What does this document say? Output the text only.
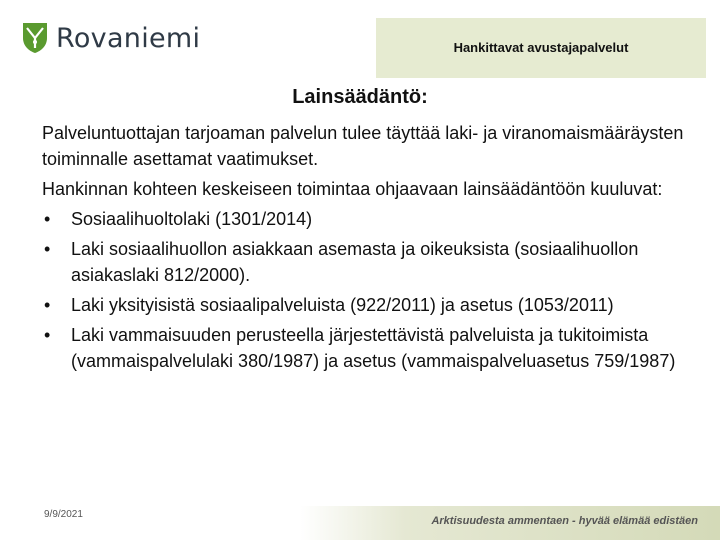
Rovaniemi	Hankittavat avustajapalvelut
Lainsäädäntö:

Palveluntuottajan tarjoaman palvelun tulee täyttää laki- ja viranomaismääräysten toiminnalle asettamat vaatimukset.

Hankinnan kohteen keskeiseen toimintaa ohjaavaan lainsäädäntöön kuuluvat:

• Sosiaalihuoltolaki (1301/2014)
• Laki sosiaalihuollon asiakkaan asemasta ja oikeuksista (sosiaalihuollon asiakaslaki 812/2000).
• Laki yksityisistä sosiaalipalveluista (922/2011) ja asetus (1053/2011)
• Laki vammaisuuden perusteella järjestettävistä palveluista ja tukitoimista (vammaispalvelulaki 380/1987) ja asetus (vammaispalveluasetus 759/1987)
9/9/2021
Arktisuudesta ammentaen - hyvää elämää edistäen
